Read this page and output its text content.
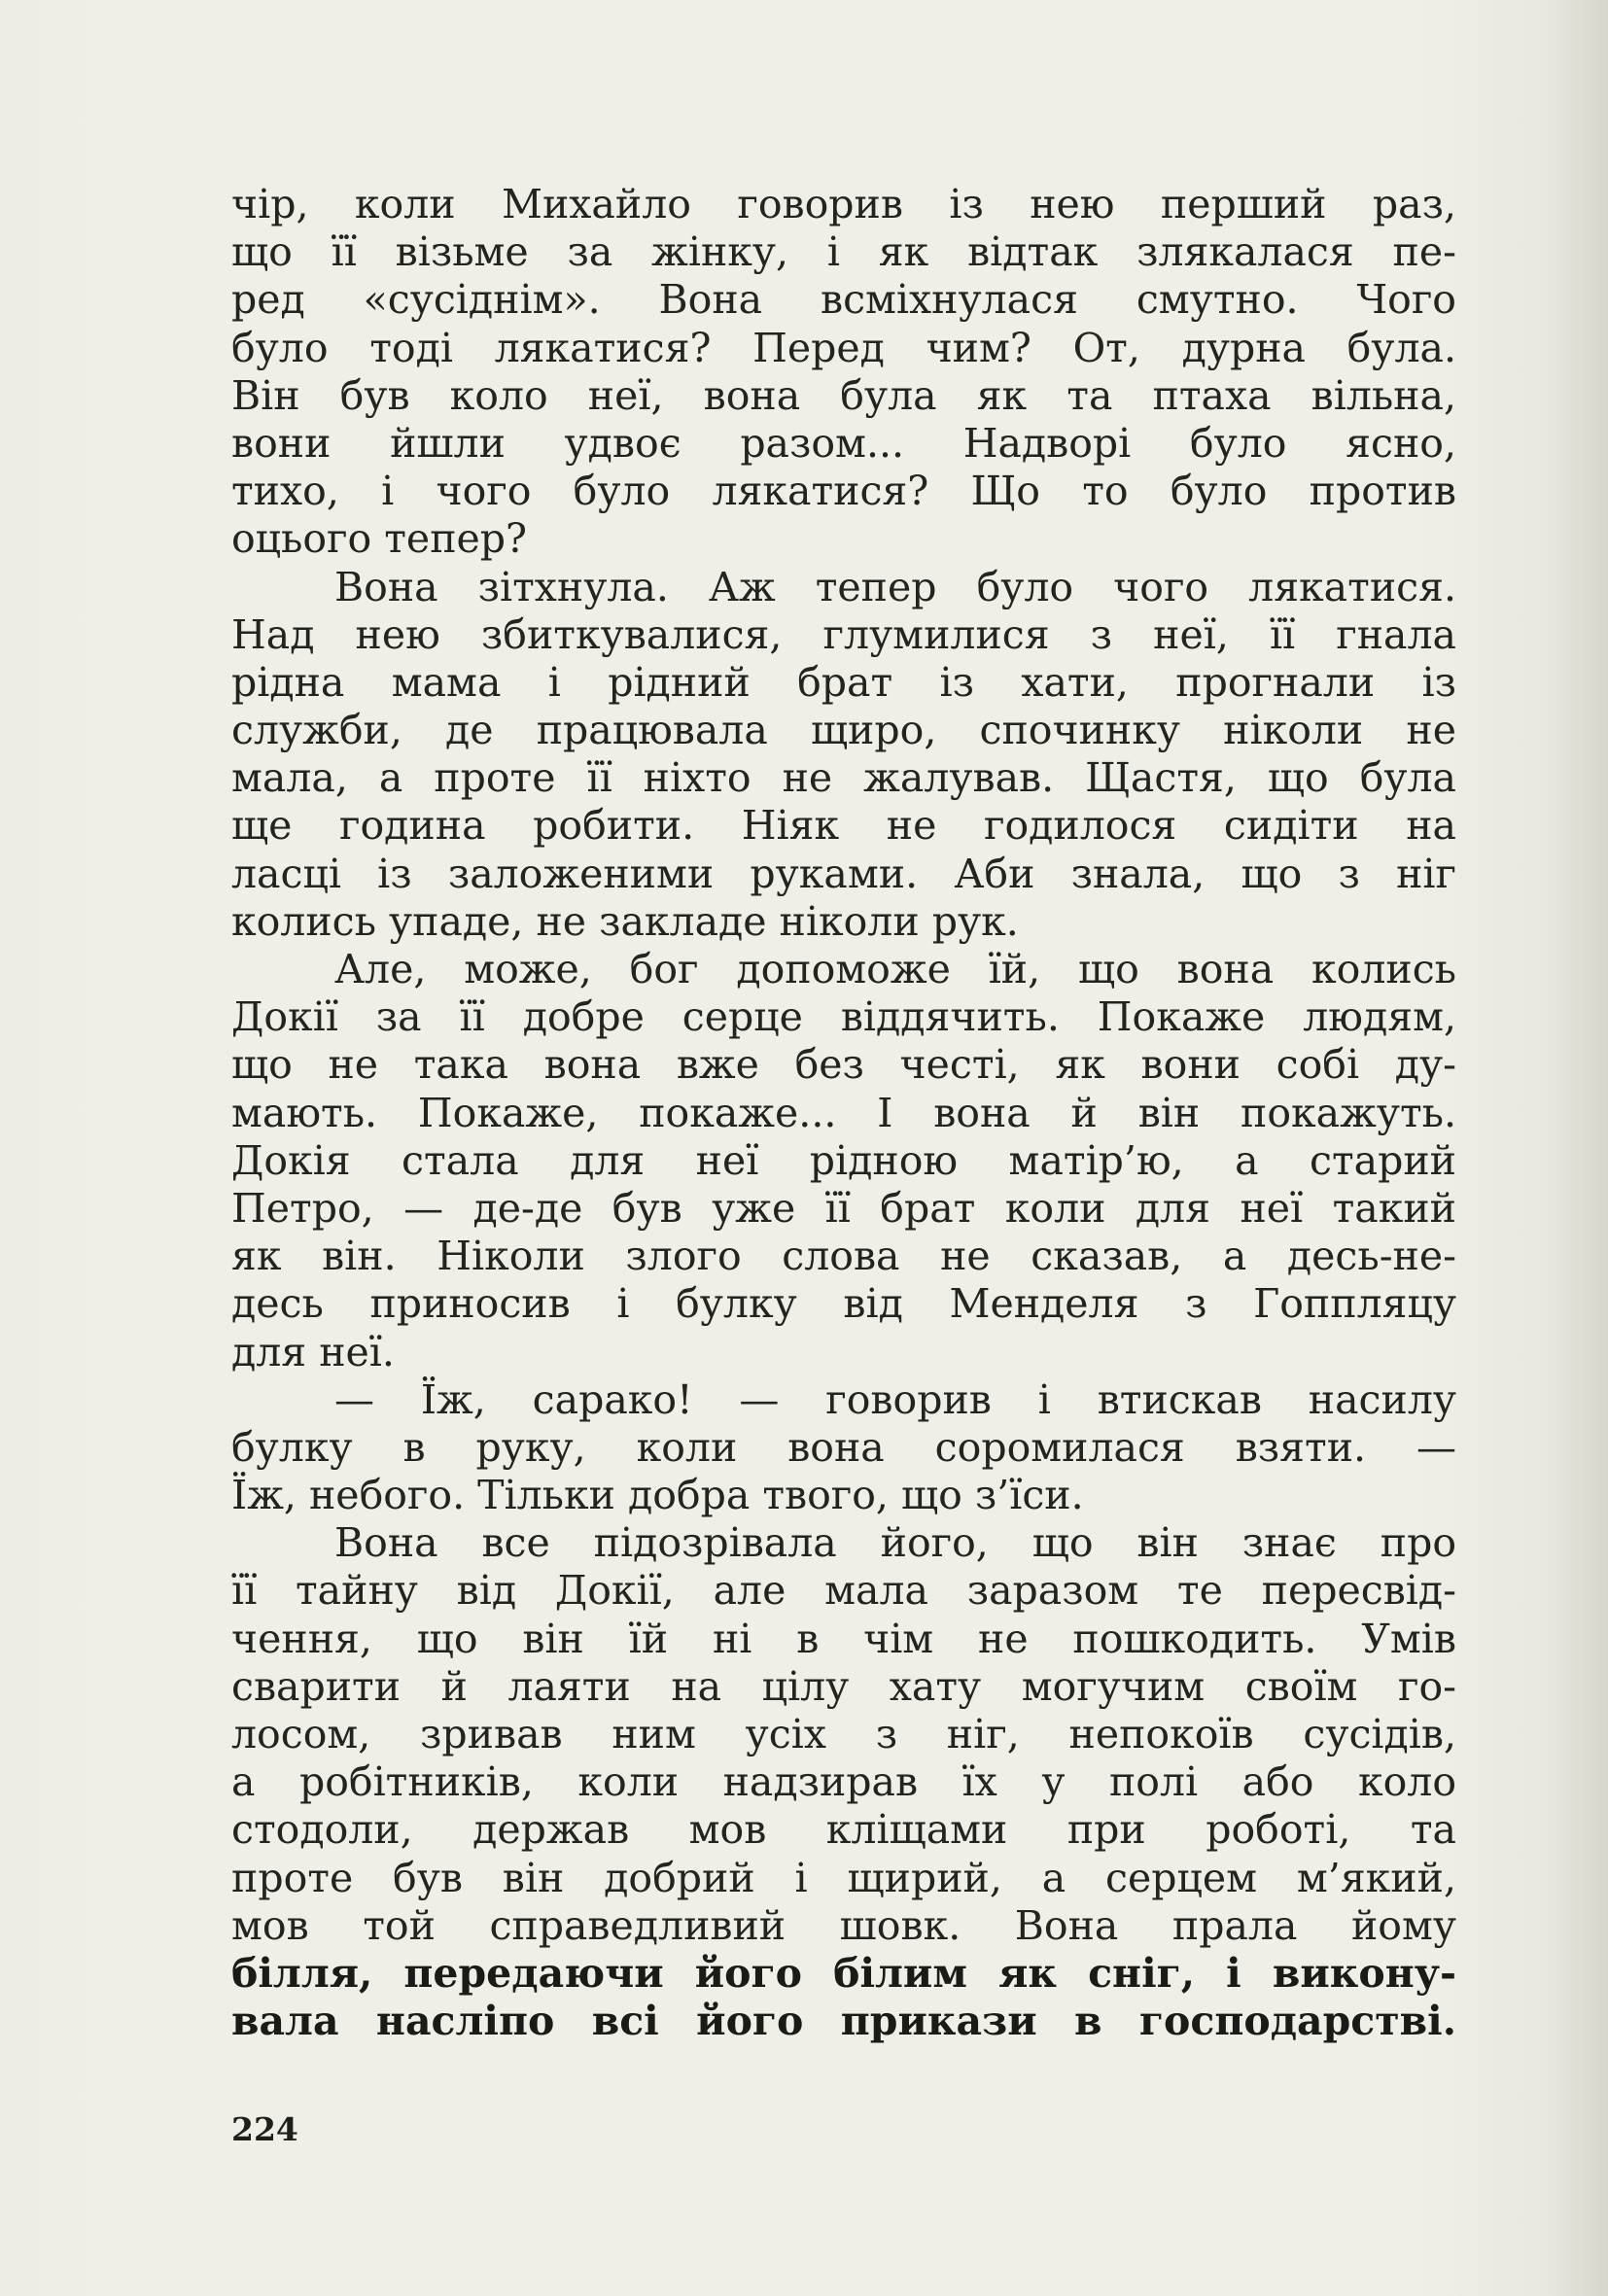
чір, коли Михайло говорив із нею перший раз,
що її візьме за жінку, і як відтак злякалася пе-
ред «сусіднім». Вона всміхнулася смутно. Чого
було тоді лякатися? Перед чим? От, дурна була.
Він був коло неї, вона була як та птаха вільна,
вони йшли удвоє разом... Надворі було ясно,
тихо, і чого було лякатися? Що то було против
оцього тепер?
Вона зітхнула. Аж тепер було чого лякатися.
Над нею збиткувалися, глумилися з неї, її гнала
рідна мама і рідний брат із хати, прогнали із
служби, де працювала щиро, спочинку ніколи не
мала, а проте її ніхто не жалував. Щастя, що була
ще година робити. Ніяк не годилося сидіти на
ласці із заложеними руками. Аби знала, що з ніг
колись упаде, не закладе ніколи рук.
Але, може, бог допоможе їй, що вона колись
Докії за її добре серце віддячить. Покаже людям,
що не така вона вже без честі, як вони собі ду-
мають. Покаже, покаже... І вона й він покажуть.
Докія стала для неї рідною матір’ю, а старий
Петро, — де-де був уже її брат коли для неї такий
як він. Ніколи злого слова не сказав, а десь-не-
десь приносив і булку від Менделя з Гоппляцу
для неї.
— Їж, сарако! — говорив і втискав насилу
булку в руку, коли вона соромилася взяти. —
Їж, небого. Тільки добра твого, що з’їси.
Вона все підозрівала його, що він знає про
її тайну від Докії, але мала заразом те пересвід-
чення, що він їй ні в чім не пошкодить. Умів
сварити й лаяти на цілу хату могучим своїм го-
лосом, зривав ним усіх з ніг, непокоїв сусідів,
а робітників, коли надзирав їх у полі або коло
стодоли, держав мов кліщами при роботі, та
проте був він добрий і щирий, а серцем м’який,
мов той справедливий шовк. Вона прала йому
білля, передаючи його білим як сніг, і викону-
вала насліпо всі його прикази в господарстві.
224
